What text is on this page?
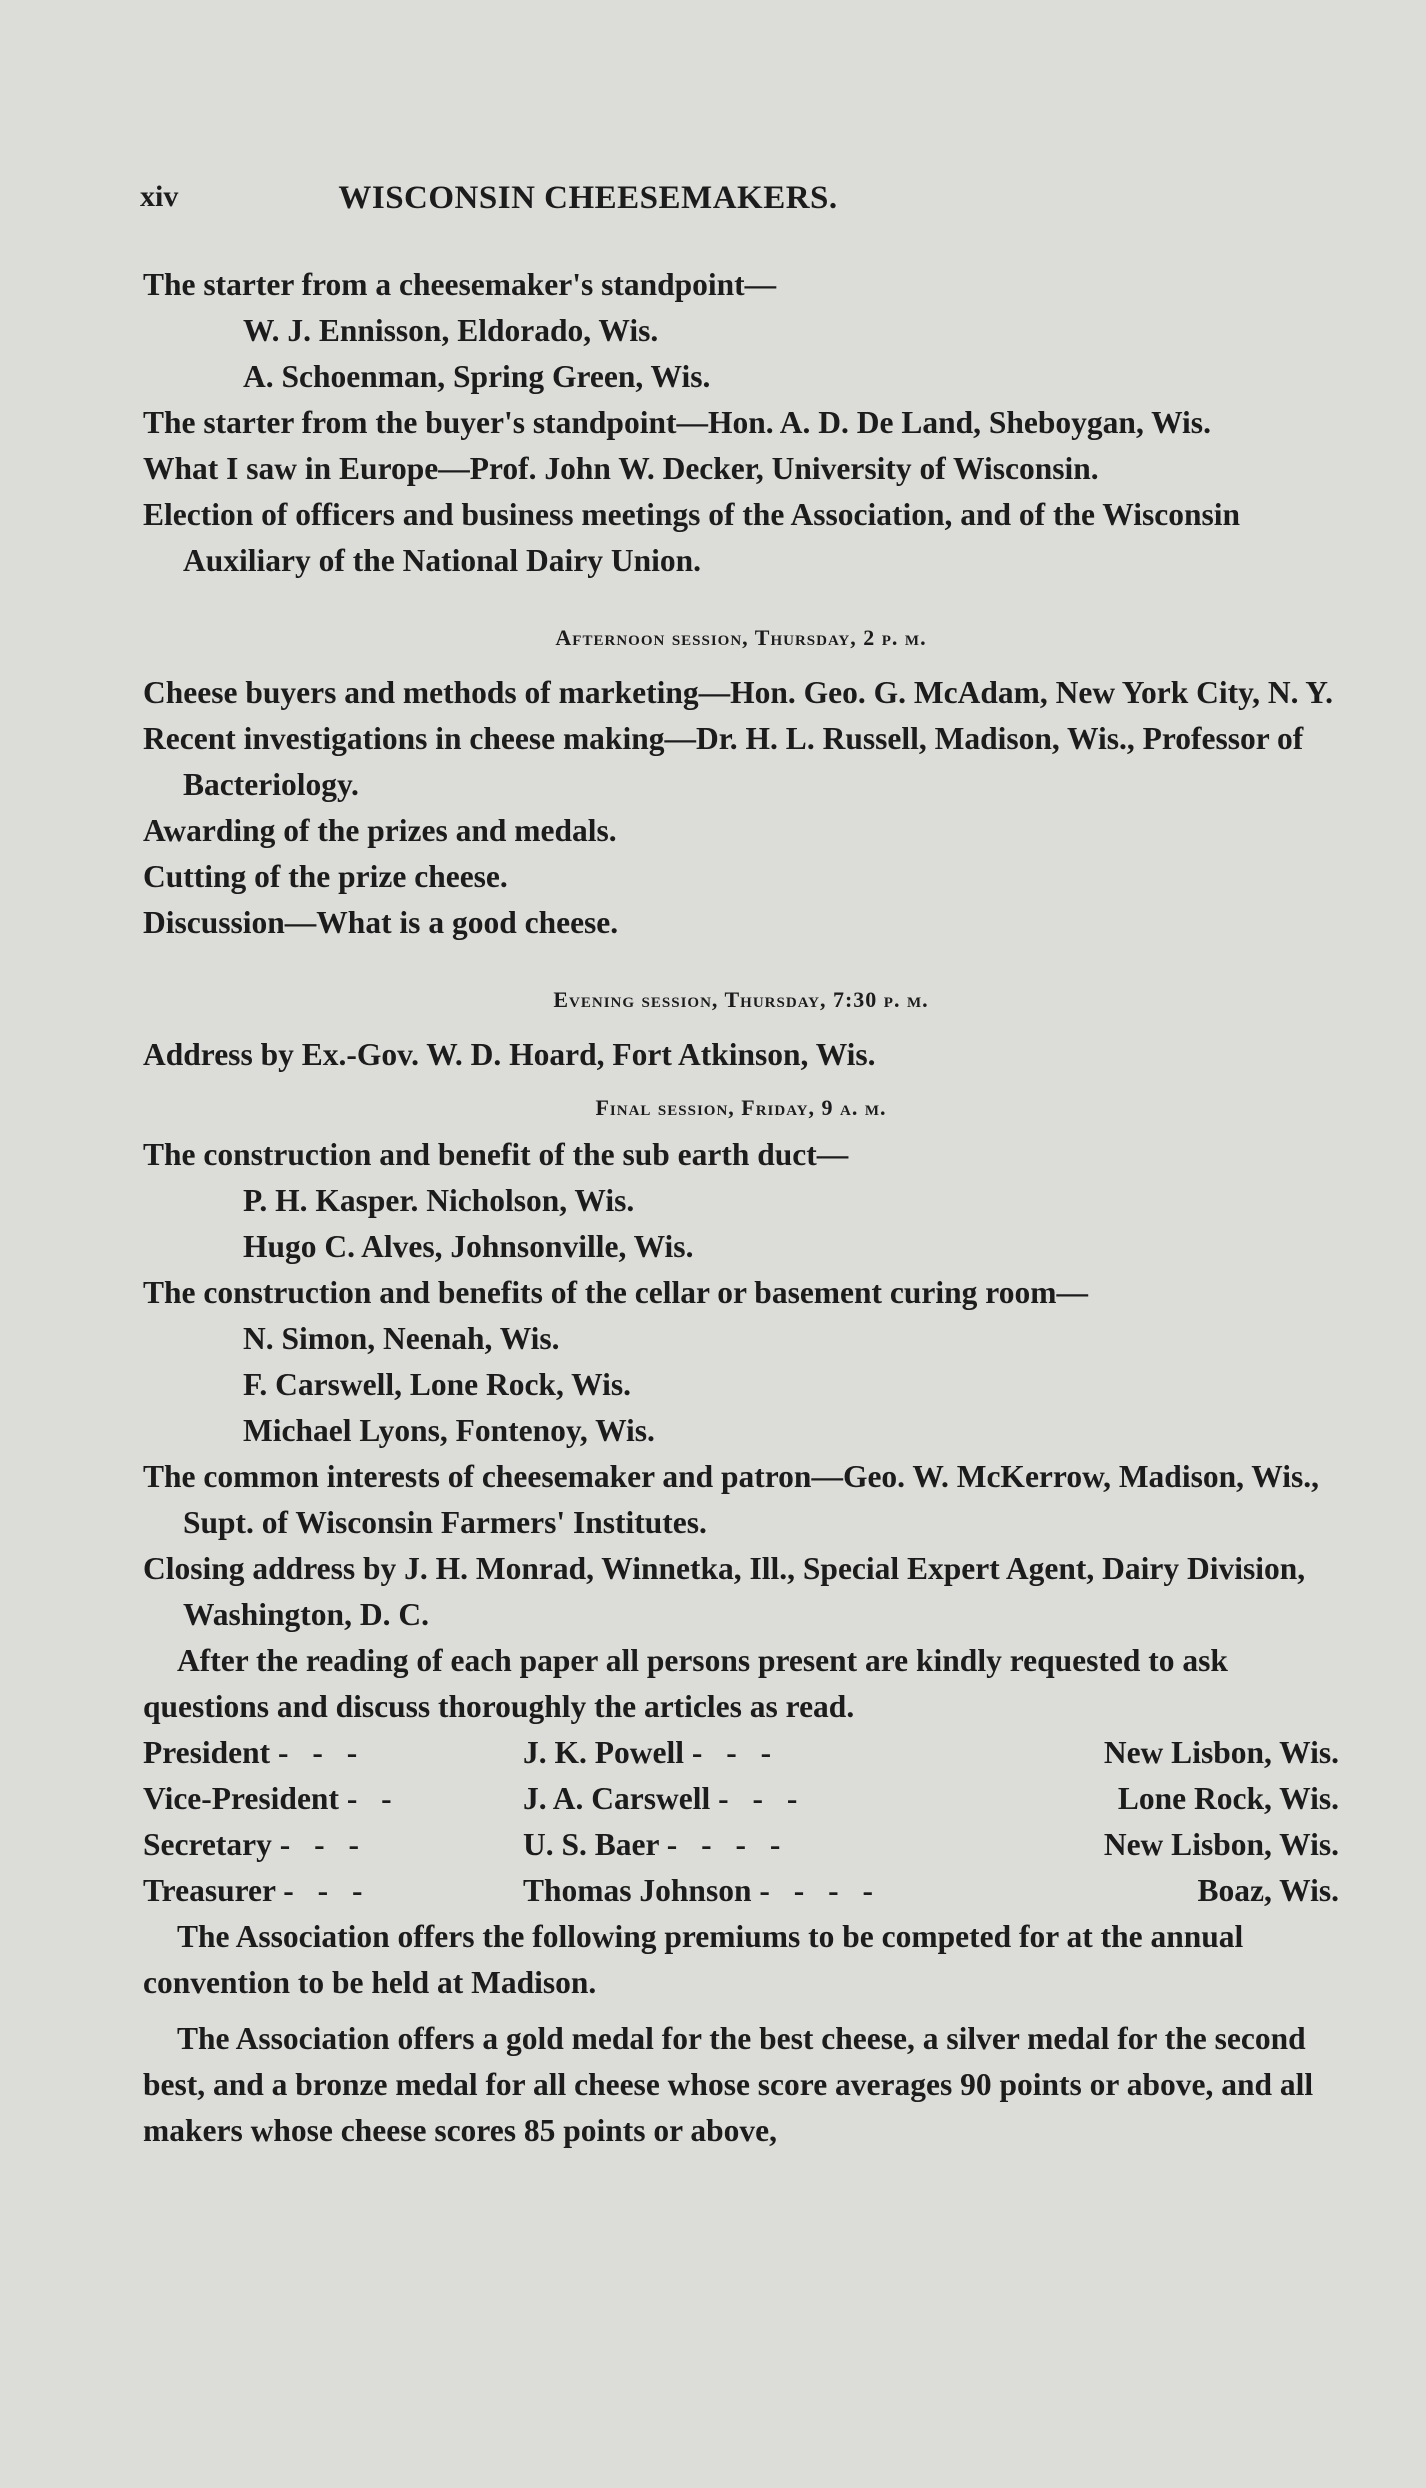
xiv	WISCONSIN CHEESEMAKERS.
The starter from a cheesemaker's standpoint—
W. J. Ennisson, Eldorado, Wis.
A. Schoenman, Spring Green, Wis.
The starter from the buyer's standpoint—Hon. A. D. De Land, Sheboygan, Wis.
What I saw in Europe—Prof. John W. Decker, University of Wisconsin.
Election of officers and business meetings of the Association, and of the Wisconsin Auxiliary of the National Dairy Union.
Afternoon session, Thursday, 2 p. m.
Cheese buyers and methods of marketing—Hon. Geo. G. McAdam, New York City, N. Y.
Recent investigations in cheese making—Dr. H. L. Russell, Madison, Wis., Professor of Bacteriology.
Awarding of the prizes and medals.
Cutting of the prize cheese.
Discussion—What is a good cheese.
Evening session, Thursday, 7:30 p. m.
Address by Ex.-Gov. W. D. Hoard, Fort Atkinson, Wis.
Final session, Friday, 9 a. m.
The construction and benefit of the sub earth duct—
P. H. Kasper. Nicholson, Wis.
Hugo C. Alves, Johnsonville, Wis.
The construction and benefits of the cellar or basement curing room—
N. Simon, Neenah, Wis.
F. Carswell, Lone Rock, Wis.
Michael Lyons, Fontenoy, Wis.
The common interests of cheesemaker and patron—Geo. W. McKerrow, Madison, Wis., Supt. of Wisconsin Farmers' Institutes.
Closing address by J. H. Monrad, Winnetka, Ill., Special Expert Agent, Dairy Division, Washington, D. C.
After the reading of each paper all persons present are kindly requested to ask questions and discuss thoroughly the articles as read.
President - - -	J. K. Powell - - -	New Lisbon, Wis.
Vice-President - -	J. A. Carswell - - -	Lone Rock, Wis.
Secretary - - -	U. S. Baer - - - -	New Lisbon, Wis.
Treasurer - - -	Thomas Johnson - - - -	Boaz, Wis.
The Association offers the following premiums to be competed for at the annual convention to be held at Madison.
The Association offers a gold medal for the best cheese, a silver medal for the second best, and a bronze medal for all cheese whose score averages 90 points or above, and all makers whose cheese scores 85 points or above,
